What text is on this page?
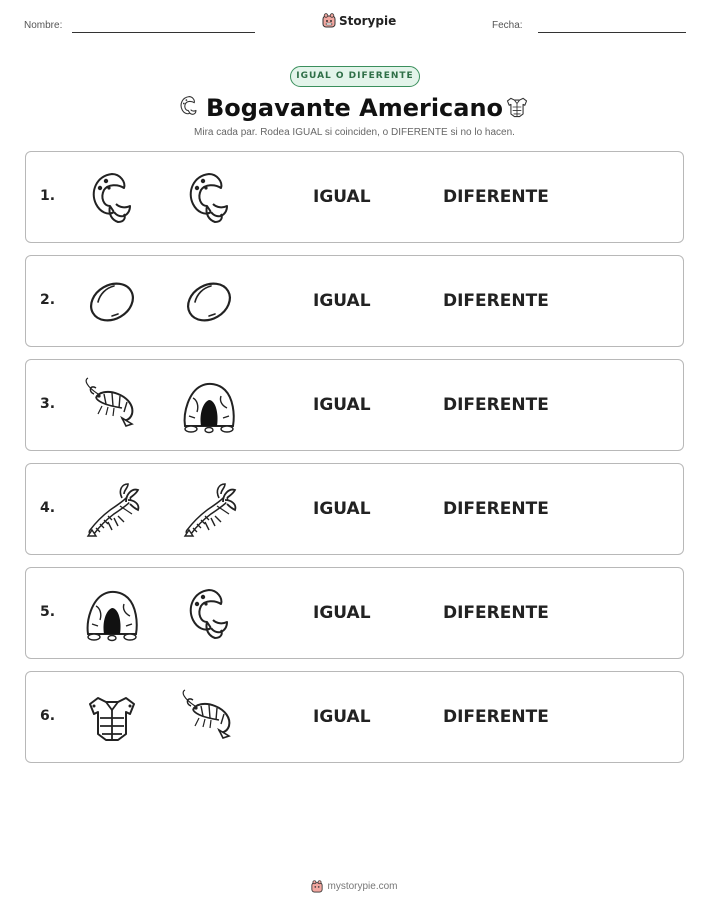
Nombre:	Storypie	Fecha:
IGUAL O DIFERENTE
Bogavante Americano
Mira cada par. Rodea IGUAL si coinciden, o DIFERENTE si no lo hacen.
1.	IGUAL	DIFERENTE
2.	IGUAL	DIFERENTE
3.	IGUAL	DIFERENTE
4.	IGUAL	DIFERENTE
5.	IGUAL	DIFERENTE
6.	IGUAL	DIFERENTE
mystorypie.com
